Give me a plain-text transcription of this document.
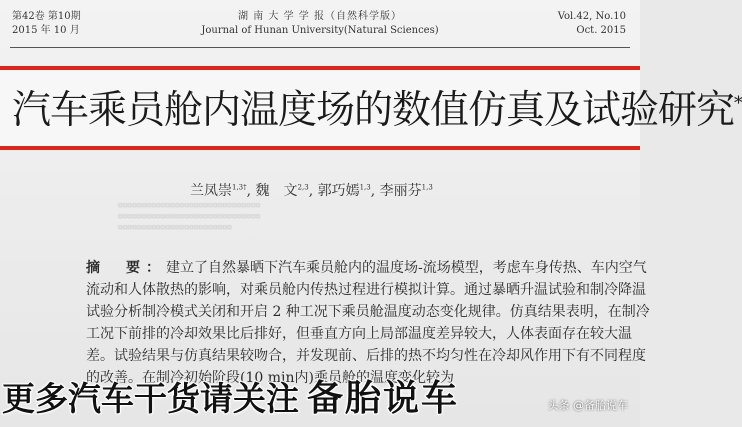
第42卷 第10期
2015 年 10 月
湖 南 大 学 学 报（自然科学版）
Journal of Hunan University(Natural Sciences)
Vol.42, No.10
Oct. 2015
汽车乘员舱内温度场的数值仿真及试验研究*
兰凤崇$^{1,3\dagger}$, 魏　文$^{2,3}$, 郭巧嫣$^{1,3}$, 李丽芬$^{1,3}$
▫▫▫▫▫▫▫▫▫▫▫▫▫▫▫▫▫▫▫▫▫▫▫▫▫▫▫▫▫▫
▫▫▫▫▫▫▫▫▫▫▫▫▫▫▫▫▫▫▫▫▫▫▫▫▫▫▫▫▫▫
▫▫▫▫▫▫▫▫▫▫▫▫▫▫▫▫▫▫▫▫▫▫▫▫

摘　要：建立了自然暴晒下汽车乘员舱内的温度场-流场模型，考虑车身传热、车内空气

流动和人体散热的影响，对乘员舱内传热过程进行模拟计算。通过暴晒升温试验和制冷降温

试验分析制冷模式关闭和开启 2 种工况下乘员舱温度动态变化规律。仿真结果表明，在制冷

工况下前排的冷却效果比后排好，但垂直方向上局部温度差异较大，人体表面存在较大温

差。试验结果与仿真结果较吻合，并发现前、后排的热不均匀性在冷却风作用下有不同程度

的改善。在制冷初始阶段(10 min内)乘员舱的温度变化较为

更多汽车干货请关注 备胎说车	头条 @备胎说车
